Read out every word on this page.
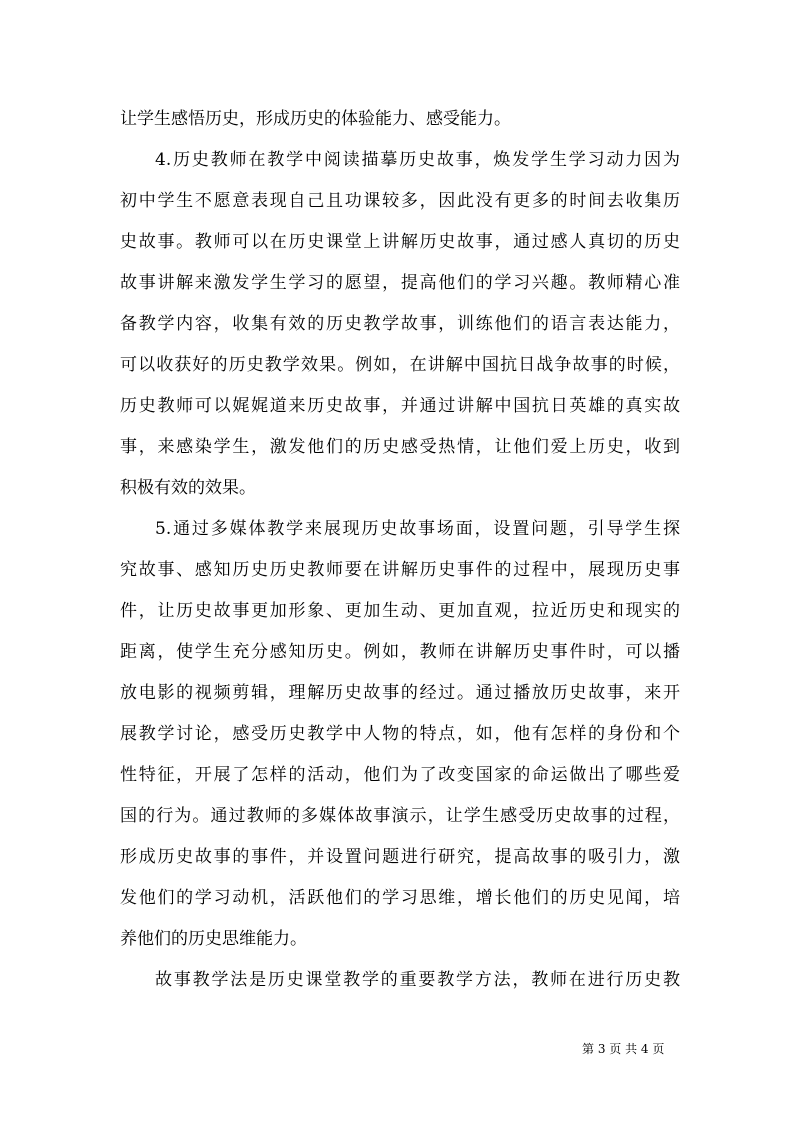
让学生感悟历史，形成历史的体验能力、感受能力。
4.历史教师在教学中阅读描摹历史故事，焕发学生学习动力因为
初中学生不愿意表现自己且功课较多，因此没有更多的时间去收集历
史故事。教师可以在历史课堂上讲解历史故事，通过感人真切的历史
故事讲解来激发学生学习的愿望，提高他们的学习兴趣。教师精心准
备教学内容，收集有效的历史教学故事，训练他们的语言表达能力，
可以收获好的历史教学效果。例如，在讲解中国抗日战争故事的时候，
历史教师可以娓娓道来历史故事，并通过讲解中国抗日英雄的真实故
事，来感染学生，激发他们的历史感受热情，让他们爱上历史，收到
积极有效的效果。
5.通过多媒体教学来展现历史故事场面，设置问题，引导学生探
究故事、感知历史历史教师要在讲解历史事件的过程中，展现历史事
件，让历史故事更加形象、更加生动、更加直观，拉近历史和现实的
距离，使学生充分感知历史。例如，教师在讲解历史事件时，可以播
放电影的视频剪辑，理解历史故事的经过。通过播放历史故事，来开
展教学讨论，感受历史教学中人物的特点，如，他有怎样的身份和个
性特征，开展了怎样的活动，他们为了改变国家的命运做出了哪些爱
国的行为。通过教师的多媒体故事演示，让学生感受历史故事的过程，
形成历史故事的事件，并设置问题进行研究，提高故事的吸引力，激
发他们的学习动机，活跃他们的学习思维，增长他们的历史见闻，培
养他们的历史思维能力。
故事教学法是历史课堂教学的重要教学方法，教师在进行历史教
第 3 页 共 4 页
